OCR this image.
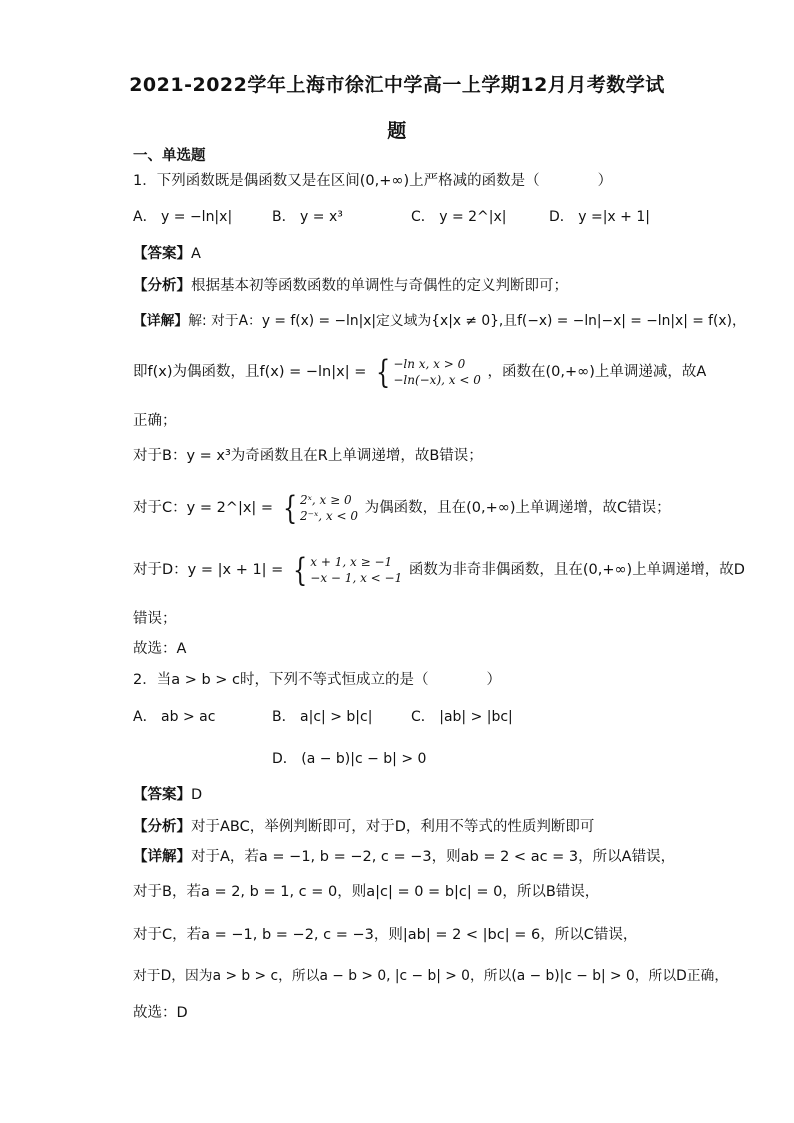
2021-2022学年上海市徐汇中学高一上学期12月月考数学试
题
一、单选题
1．下列函数既是偶函数又是在区间(0,+∞)上严格减的函数是（　　　　）
A． y = −ln|x|	B． y = x³	C． y = 2^|x|	D． y =|x + 1|
【答案】A
【分析】根据基本初等函数函数的单调性与奇偶性的定义判断即可；
【详解】解: 对于A：y = f(x) = −ln|x|定义域为{x|x ≠ 0},且f(−x) = −ln|−x| = −ln|x| = f(x)，
即f(x)为偶函数，且f(x) = −ln|x| = { −ln x, x > 0
−ln(−x), x < 0 ，函数在(0,+∞)上单调递减，故A
正确；
对于B：y = x³为奇函数且在R上单调递增，故B错误；
对于C：y = 2^|x| = { 2ˣ, x ≥ 0
2⁻ˣ, x < 0 为偶函数，且在(0,+∞)上单调递增，故C错误；
对于D：y = |x + 1| = { x + 1, x ≥ −1
−x − 1, x < −1 函数为非奇非偶函数，且在(0,+∞)上单调递增，故D
错误；
故选：A
2．当a > b > c时，下列不等式恒成立的是（　　　　）
A． ab > ac	B． a|c| > b|c|	C． |ab| > |bc|
D． (a − b)|c − b| > 0
【答案】D
【分析】对于ABC，举例判断即可，对于D，利用不等式的性质判断即可
【详解】对于A，若a = −1, b = −2, c = −3，则ab = 2 < ac = 3，所以A错误，
对于B，若a = 2, b = 1, c = 0，则a|c| = 0 = b|c| = 0，所以B错误，
对于C，若a = −1, b = −2, c = −3，则|ab| = 2 < |bc| = 6，所以C错误，
对于D，因为a > b > c，所以a − b > 0, |c − b| > 0，所以(a − b)|c − b| > 0，所以D正确，
故选：D
